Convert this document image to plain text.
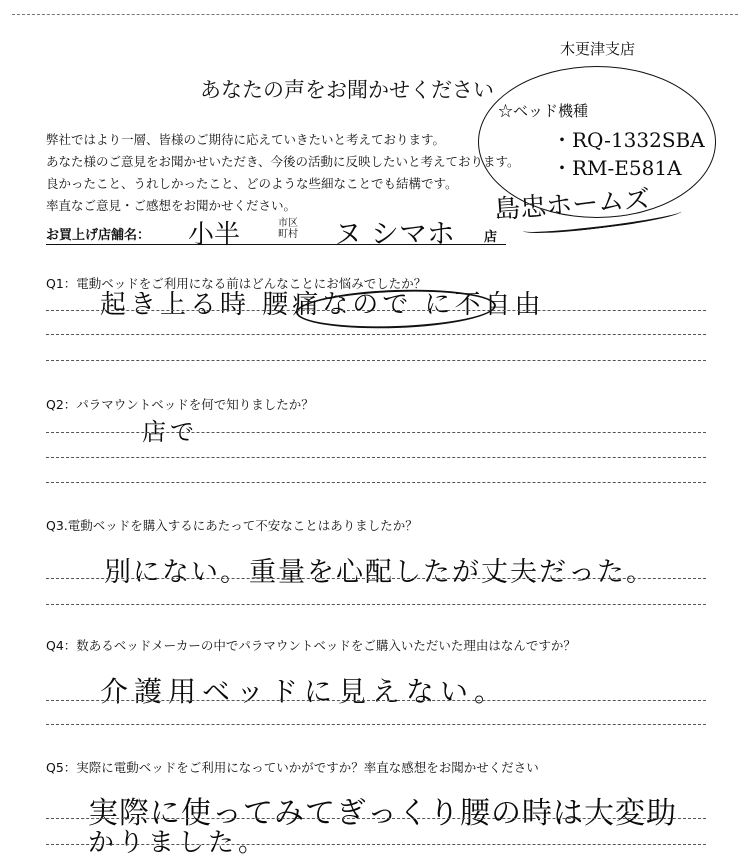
木更津支店
あなたの声をお聞かせください
弊社ではより一層、皆様のご期待に応えていきたいと考えております。
あなた様のご意見をお聞かせいただき、今後の活動に反映したいと考えております。
良かったこと、うれしかったこと、どのような些細なことでも結構です。
率直なご意見・ご感想をお聞かせください。
☆ベッド機種
・RQ-1332SBA
・RM-E581A
島忠ホームズ
お買上げ店舗名： 小半	市区
町村 ヌ シマホ 店
Q1：電動ベッドをご利用になる前はどんなことにお悩みでしたか？
起き上る時 腰痛なので に不自由
Q2：パラマウントベッドを何で知りましたか？
店で
Q3.電動ベッドを購入するにあたって不安なことはありましたか？
別にない。重量を心配したが丈夫だった。
Q4：数あるベッドメーカーの中でパラマウントベッドをご購入いただいた理由はなんですか？
介護用ベッドに見えない。
Q5：実際に電動ベッドをご利用になっていかがですか？率直な感想をお聞かせください
実際に使ってみてぎっくり腰の時は大変助
かりました。
